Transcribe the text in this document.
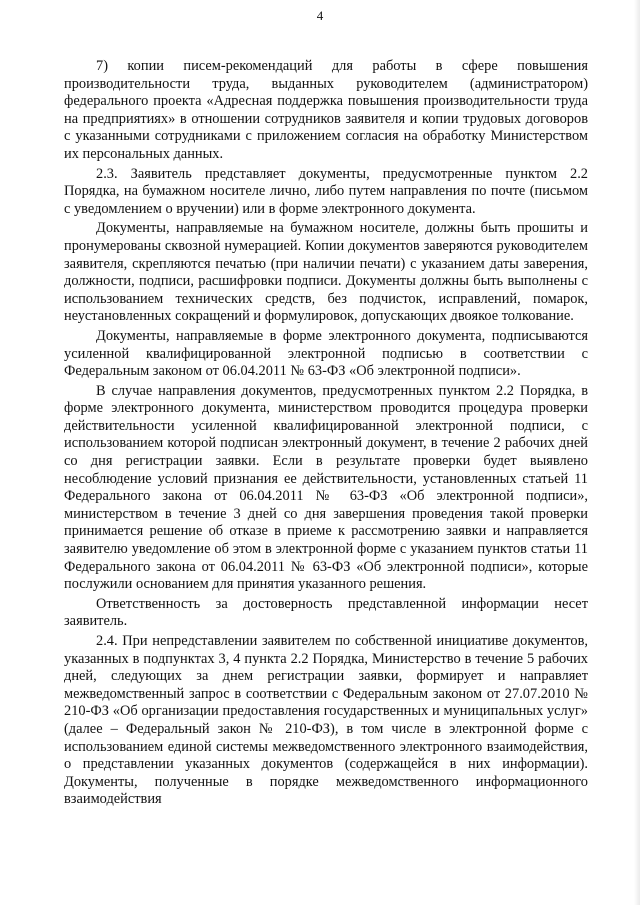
4

7) копии писем-рекомендаций для работы в сфере повышения производительности труда, выданных руководителем (администратором) федерального проекта «Адресная поддержка повышения производительности труда на предприятиях» в отношении сотрудников заявителя и копии трудовых договоров с указанными сотрудниками с приложением согласия на обработку Министерством их персональных данных.

2.3. Заявитель представляет документы, предусмотренные пунктом 2.2 Порядка, на бумажном носителе лично, либо путем направления по почте (письмом с уведомлением о вручении) или в форме электронного документа.

Документы, направляемые на бумажном носителе, должны быть прошиты и пронумерованы сквозной нумерацией. Копии документов заверяются руководителем заявителя, скрепляются печатью (при наличии печати) с указанием даты заверения, должности, подписи, расшифровки подписи. Документы должны быть выполнены с использованием технических средств, без подчисток, исправлений, помарок, неустановленных сокращений и формулировок, допускающих двоякое толкование.

Документы, направляемые в форме электронного документа, подписываются усиленной квалифицированной электронной подписью в соответствии с Федеральным законом от 06.04.2011 № 63-ФЗ «Об электронной подписи».

В случае направления документов, предусмотренных пунктом 2.2 Порядка, в форме электронного документа, министерством проводится процедура проверки действительности усиленной квалифицированной электронной подписи, с использованием которой подписан электронный документ, в течение 2 рабочих дней со дня регистрации заявки. Если в результате проверки будет выявлено несоблюдение условий признания ее действительности, установленных статьей 11 Федерального закона от 06.04.2011 № 63-ФЗ «Об электронной подписи», министерством в течение 3 дней со дня завершения проведения такой проверки принимается решение об отказе в приеме к рассмотрению заявки и направляется заявителю уведомление об этом в электронной форме с указанием пунктов статьи 11 Федерального закона от 06.04.2011 № 63-ФЗ «Об электронной подписи», которые послужили основанием для принятия указанного решения.

Ответственность за достоверность представленной информации несет заявитель.

2.4. При непредставлении заявителем по собственной инициативе документов, указанных в подпунктах 3, 4 пункта 2.2 Порядка, Министерство в течение 5 рабочих дней, следующих за днем регистрации заявки, формирует и направляет межведомственный запрос в соответствии с Федеральным законом от 27.07.2010 № 210-ФЗ «Об организации предоставления государственных и муниципальных услуг» (далее – Федеральный закон № 210-ФЗ), в том числе в электронной форме с использованием единой системы межведомственного электронного взаимодействия, о представлении указанных документов (содержащейся в них информации). Документы, полученные в порядке межведомственного информационного взаимодействия
